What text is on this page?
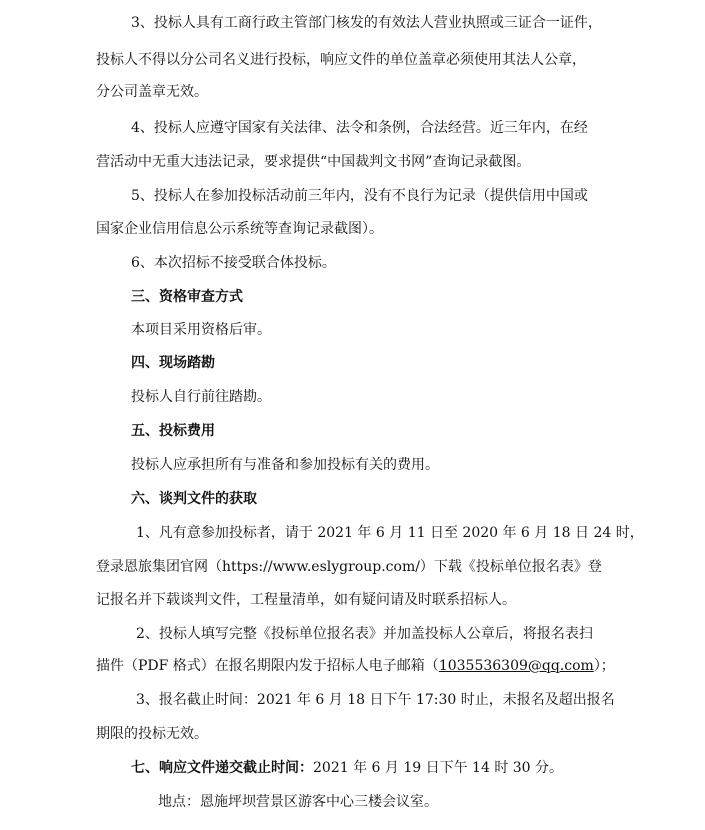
3、投标人具有工商行政主管部门核发的有效法人营业执照或三证合一证件，
投标人不得以分公司名义进行投标，响应文件的单位盖章必须使用其法人公章，
分公司盖章无效。
4、投标人应遵守国家有关法律、法令和条例，合法经营。近三年内，在经
营活动中无重大违法记录，要求提供“中国裁判文书网”查询记录截图。
5、投标人在参加投标活动前三年内，没有不良行为记录（提供信用中国或
国家企业信用信息公示系统等查询记录截图）。
6、本次招标不接受联合体投标。
三、资格审查方式
本项目采用资格后审。
四、现场踏勘
投标人自行前往踏勘。
五、投标费用
投标人应承担所有与准备和参加投标有关的费用。
六、谈判文件的获取
1、凡有意参加投标者，请于 2021 年 6 月 11 日至 2020 年 6 月 18 日 24 时，
登录恩旅集团官网（https://www.eslygroup.com/）下载《投标单位报名表》登
记报名并下载谈判文件，工程量清单，如有疑问请及时联系招标人。
2、投标人填写完整《投标单位报名表》并加盖投标人公章后，将报名表扫
描件（PDF 格式）在报名期限内发于招标人电子邮箱（1035536309@qq.com）；
3、报名截止时间：2021 年 6 月 18 日下午 17:30 时止，未报名及超出报名
期限的投标无效。
七、响应文件递交截止时间：2021 年 6 月 19 日下午 14 时 30 分。
地点：恩施坪坝营景区游客中心三楼会议室。
